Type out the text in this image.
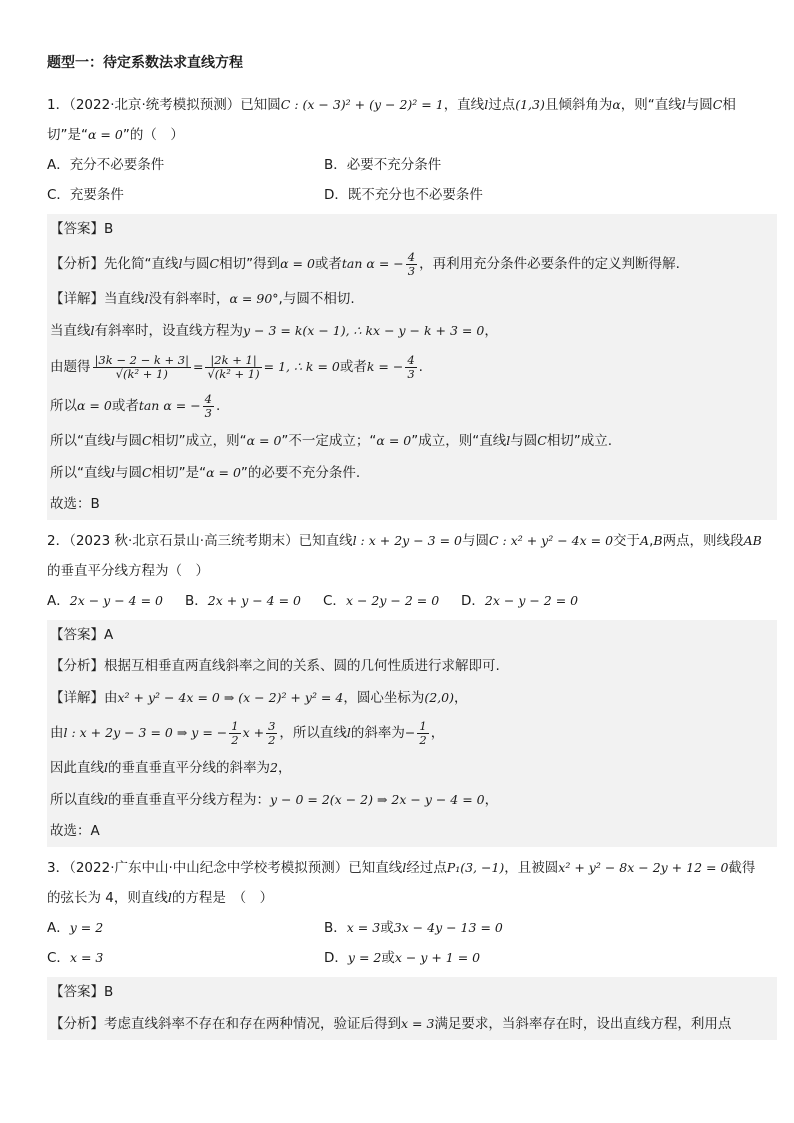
题型一：待定系数法求直线方程
1．（2022·北京·统考模拟预测）已知圆C : (x − 3)² + (y − 2)² = 1，直线l过点(1,3)且倾斜角为α，则“直线l与圆C相
切”是“α = 0”的（　）
A．充分不必要条件	B．必要不充分条件
C．充要条件	D．既不充分也不必要条件
【答案】B
【分析】先化简“直线l与圆C相切”得到α = 0或者tan α = − $\frac{4}{3}$ ，再利用充分条件必要条件的定义判断得解.
【详解】当直线l没有斜率时，α = 90°,与圆不相切.
当直线l有斜率时，设直线方程为y − 3 = k(x − 1), ∴ kx − y − k + 3 = 0，
由题得 $\frac{|3k - 2 - k + 3|}{\text{√(k² + 1)}} = \frac{|2k + 1|}{\text{√(k² + 1)}} = 1$, ∴ k = 0或者k = − $\frac{4}{3}$ .
所以α = 0或者tan α = − $\frac{4}{3}$ .
所以“直线l与圆C相切”成立，则“α = 0”不一定成立；“α = 0”成立，则“直线l与圆C相切”成立.
所以“直线l与圆C相切”是“α = 0”的必要不充分条件.
故选：B
2．（2023 秋·北京石景山·高三统考期末）已知直线l : x + 2y − 3 = 0与圆C : x² + y² − 4x = 0交于A,B两点，则线段AB
的垂直平分线方程为（　）
A．2x − y − 4 = 0	B．2x + y − 4 = 0	C．x − 2y − 2 = 0	D．2x − y − 2 = 0
【答案】A
【分析】根据互相垂直两直线斜率之间的关系、圆的几何性质进行求解即可.
【详解】由x² + y² − 4x = 0 ⇒ (x − 2)² + y² = 4，圆心坐标为(2,0)，
由l : x + 2y − 3 = 0 ⇒ y = − $\frac{1}{2}$ $x + \frac{3}{2}$ ，所以直线l的斜率为− $\frac{1}{2}$ ，
因此直线l的垂直垂直平分线的斜率为2，
所以直线l的垂直垂直平分线方程为：y − 0 = 2(x − 2) ⇒ 2x − y − 4 = 0，
故选：A
3．（2022·广东中山·中山纪念中学校考模拟预测）已知直线l经过点P₁(3, −1)，且被圆x² + y² − 8x − 2y + 12 = 0截得
的弦长为 4，则直线l的方程是　（　）
A．y = 2	B．x = 3或3x − 4y − 13 = 0
C．x = 3	D．y = 2或x − y + 1 = 0
【答案】B
【分析】考虑直线斜率不存在和存在两种情况，验证后得到x = 3满足要求，当斜率存在时，设出直线方程，利用点
